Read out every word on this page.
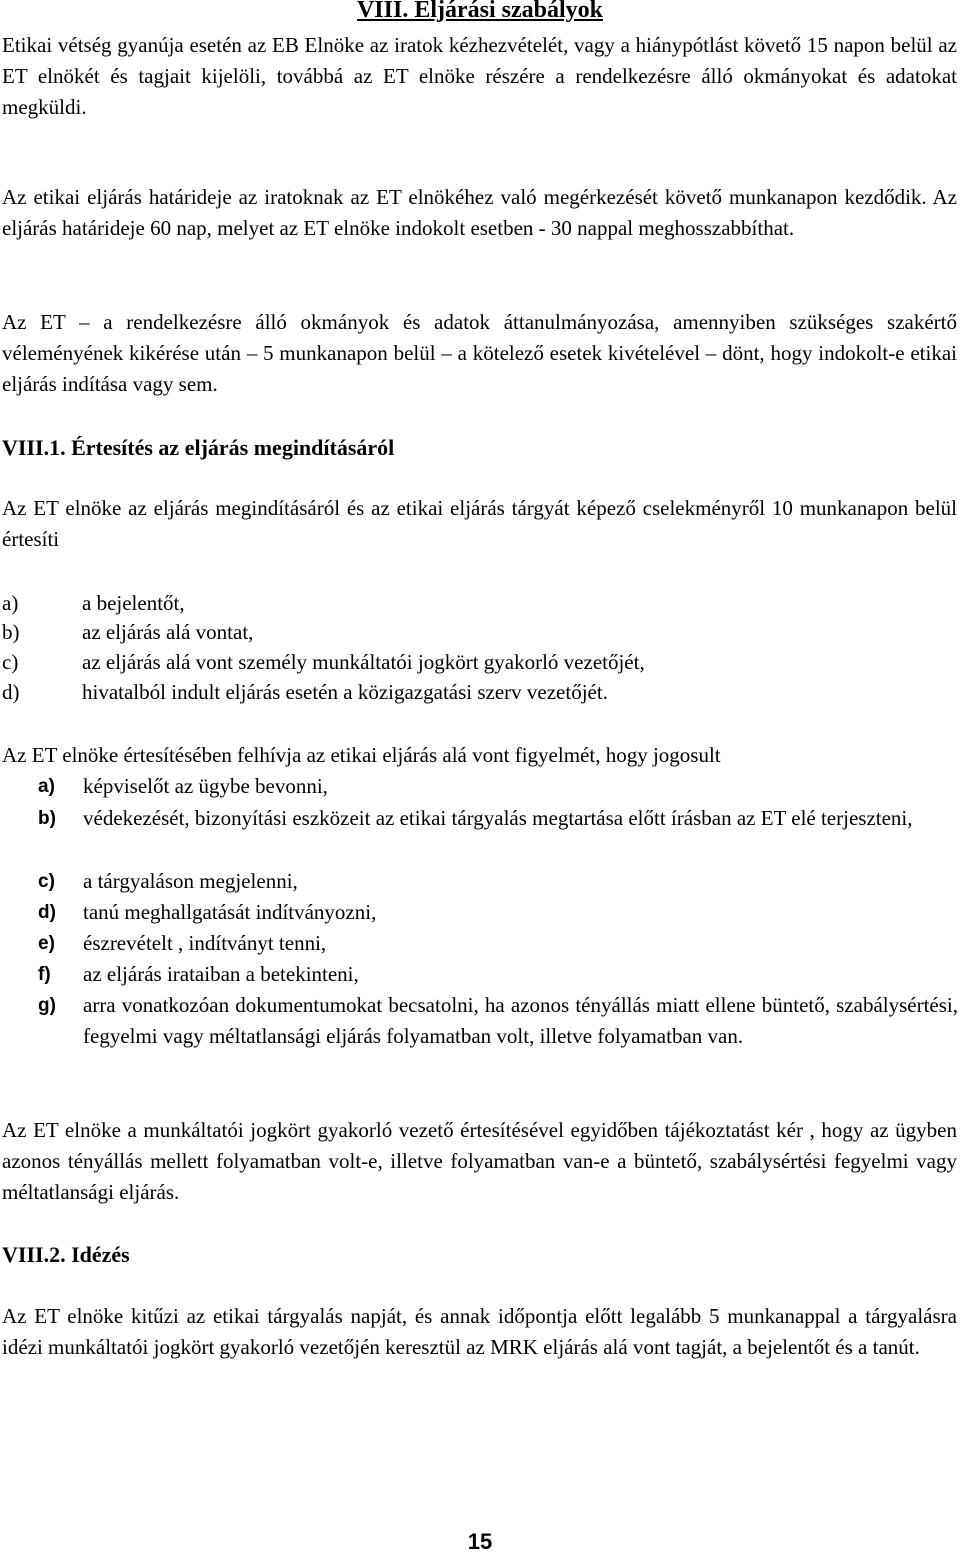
VIII. Eljárási szabályok
Etikai vétség gyanúja esetén az EB Elnöke az iratok kézhezvételét, vagy a hiánypótlást követő 15 napon belül az ET elnökét és tagjait kijelöli, továbbá az ET elnöke részére a rendelkezésre álló okmányokat és adatokat megküldi.
Az etikai eljárás határideje az iratoknak az ET elnökéhez való megérkezését követő munkanapon kezdődik. Az eljárás határideje 60 nap, melyet az ET elnöke indokolt esetben - 30 nappal meghosszabbíthat.
Az ET – a rendelkezésre álló okmányok és adatok áttanulmányozása, amennyiben szükséges szakértő véleményének kikérése után – 5 munkanapon belül – a kötelező esetek kivételével – dönt, hogy indokolt-e etikai eljárás indítása vagy sem.
VIII.1. Értesítés az eljárás megindításáról
Az ET elnöke az eljárás megindításáról és az etikai eljárás tárgyát képező cselekményről 10 munkanapon belül értesíti
a)	a bejelentőt,
b)	az eljárás alá vontat,
c)	az eljárás alá vont személy munkáltatói jogkört gyakorló vezetőjét,
d)	hivatalból indult eljárás esetén a közigazgatási szerv vezetőjét.
Az ET elnöke értesítésében felhívja az etikai eljárás alá vont figyelmét, hogy jogosult
a) képviselőt az ügybe bevonni,
b) védekezését, bizonyítási eszközeit az etikai tárgyalás megtartása előtt írásban az ET elé terjeszteni,
c) a tárgyaláson megjelenni,
d) tanú meghallgatását indítványozni,
e) észrevételt , indítványt tenni,
f) az eljárás irataiban a betekinteni,
g) arra vonatkozóan dokumentumokat becsatolni, ha azonos tényállás miatt ellene büntető, szabálysértési, fegyelmi vagy méltatlansági eljárás folyamatban volt, illetve folyamatban van.
Az ET elnöke a munkáltatói jogkört gyakorló vezető értesítésével egyidőben tájékoztatást kér , hogy az ügyben azonos tényállás mellett folyamatban volt-e, illetve folyamatban van-e a büntető, szabálysértési fegyelmi vagy méltatlansági eljárás.
VIII.2. Idézés
Az ET elnöke kitűzi az etikai tárgyalás napját, és annak időpontja előtt legalább 5 munkanappal a tárgyalásra idézi munkáltatói jogkört gyakorló vezetőjén keresztül az MRK eljárás alá vont tagját, a bejelentőt és a tanút.
15
